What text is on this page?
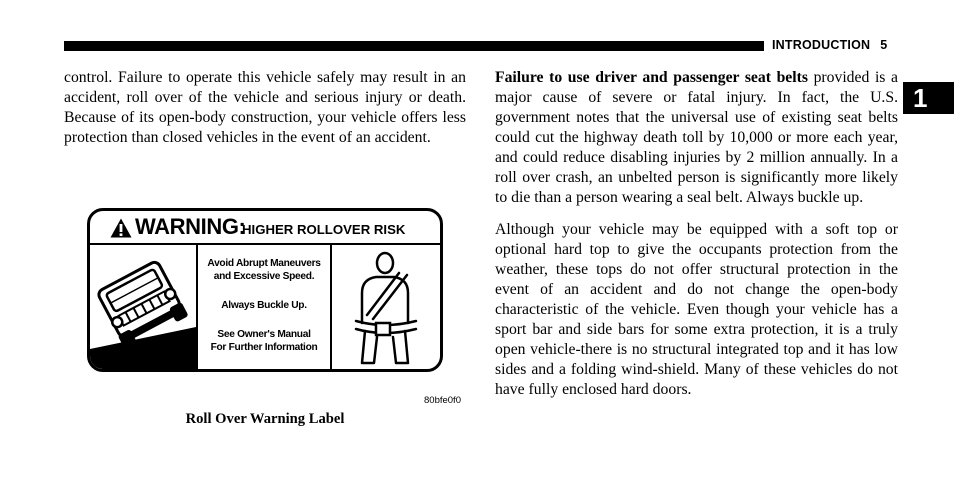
INTRODUCTION 5
1

control. Failure to operate this vehicle safely may result in an accident, roll over of the vehicle and serious injury or death. Because of its open-body construction, your vehicle offers less protection than closed vehicles in the event of an accident.

WARNING:
HIGHER ROLLOVER RISK
Avoid Abrupt Maneuvers
and Excessive Speed.
Always Buckle Up.
See Owner's Manual
For Further Information
80bfe0f0
Roll Over Warning Label

Failure to use driver and passenger seat belts provided is a major cause of severe or fatal injury. In fact, the U.S. government notes that the universal use of existing seat belts could cut the highway death toll by 10,000 or more each year, and could reduce disabling injuries by 2 million annually. In a roll over crash, an unbelted person is significantly more likely to die than a person wearing a seal belt. Always buckle up.

Although your vehicle may be equipped with a soft top or optional hard top to give the occupants protection from the weather, these tops do not offer structural protection in the event of an accident and do not change the open-body characteristic of the vehicle. Even though your vehicle has a sport bar and side bars for some extra protection, it is a truly open vehicle-there is no structural integrated top and it has low sides and a folding wind-shield. Many of these vehicles do not have fully enclosed hard doors.
